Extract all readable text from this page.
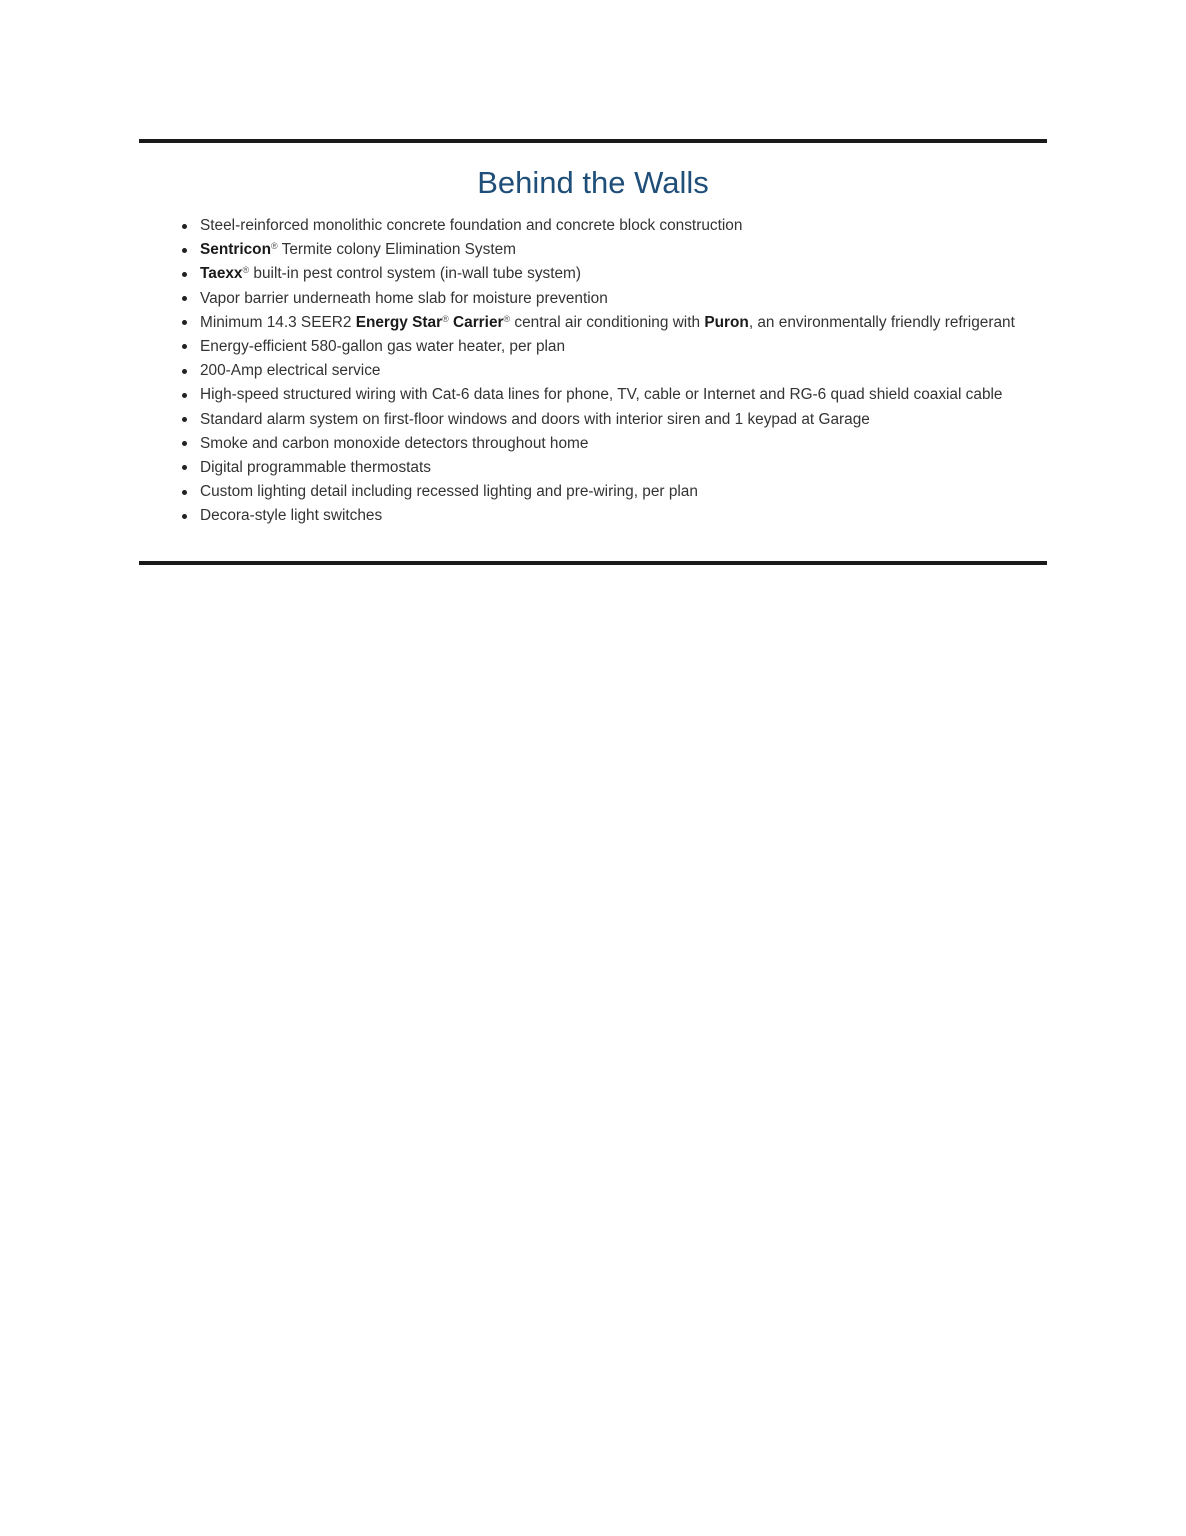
Behind the Walls
Steel-reinforced monolithic concrete foundation and concrete block construction
Sentricon® Termite colony Elimination System
Taexx® built-in pest control system (in-wall tube system)
Vapor barrier underneath home slab for moisture prevention
Minimum 14.3 SEER2 Energy Star® Carrier® central air conditioning with Puron, an environmentally friendly refrigerant
Energy-efficient 580-gallon gas water heater, per plan
200-Amp electrical service
High-speed structured wiring with Cat-6 data lines for phone, TV, cable or Internet and RG-6 quad shield coaxial cable
Standard alarm system on first-floor windows and doors with interior siren and 1 keypad at Garage
Smoke and carbon monoxide detectors throughout home
Digital programmable thermostats
Custom lighting detail including recessed lighting and pre-wiring, per plan
Decora-style light switches
